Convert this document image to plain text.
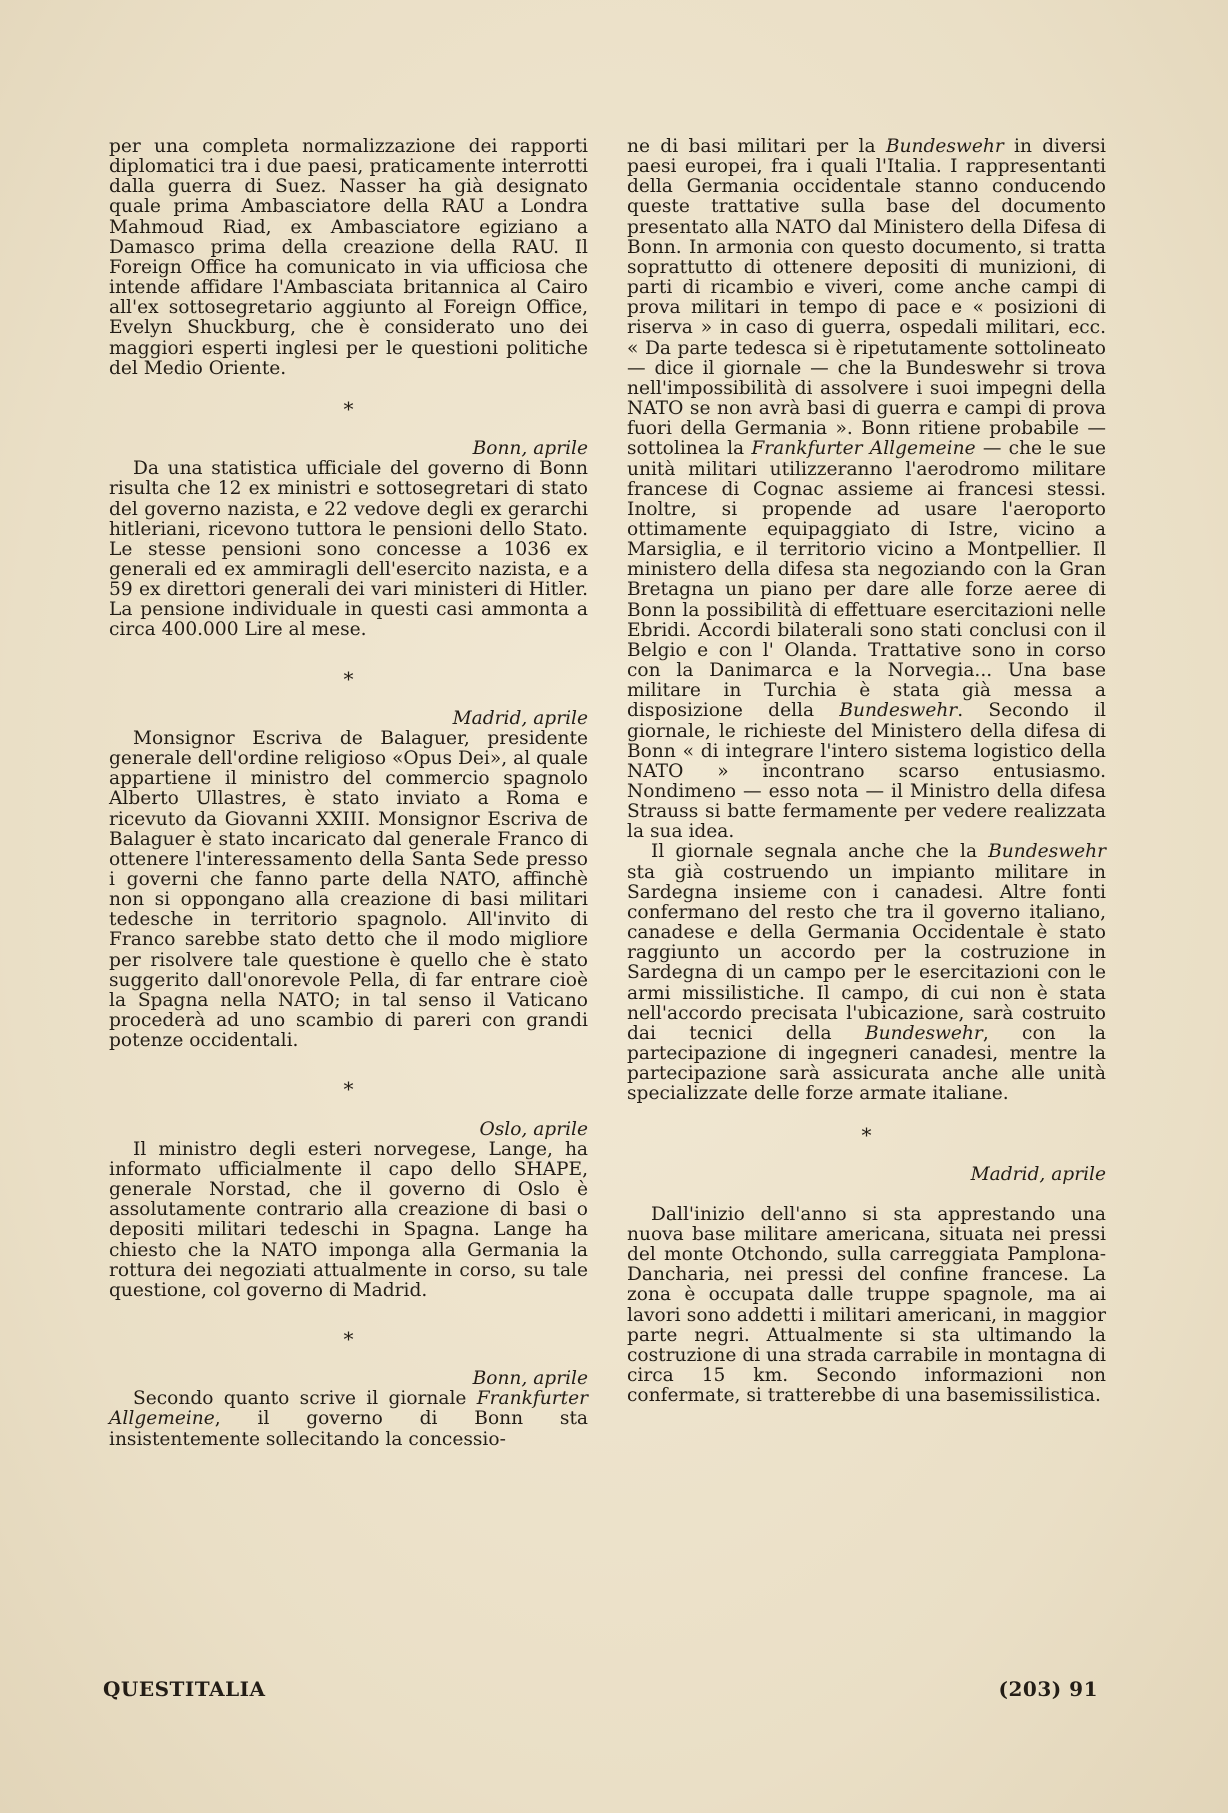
per una completa normalizzazione dei rapporti diplomatici tra i due paesi, praticamente interrotti dalla guerra di Suez. Nasser ha già designato quale prima Ambasciatore della RAU a Londra Mahmoud Riad, ex Ambasciatore egiziano a Damasco prima della creazione della RAU. Il Foreign Office ha comunicato in via ufficiosa che intende affidare l'Ambasciata britannica al Cairo all'ex sottosegretario aggiunto al Foreign Office, Evelyn Shuckburg, che è considerato uno dei maggiori esperti inglesi per le questioni politiche del Medio Oriente.

*

Bonn, aprile

Da una statistica ufficiale del governo di Bonn risulta che 12 ex ministri e sottosegretari di stato del governo nazista, e 22 vedove degli ex gerarchi hitleriani, ricevono tuttora le pensioni dello Stato. Le stesse pensioni sono concesse a 1036 ex generali ed ex ammiragli dell'esercito nazista, e a 59 ex direttori generali dei vari ministeri di Hitler. La pensione individuale in questi casi ammonta a circa 400.000 Lire al mese.

*

Madrid, aprile

Monsignor Escriva de Balaguer, presidente generale dell'ordine religioso «Opus Dei», al quale appartiene il ministro del commercio spagnolo Alberto Ullastres, è stato inviato a Roma e ricevuto da Giovanni XXIII. Monsignor Escriva de Balaguer è stato incaricato dal generale Franco di ottenere l'interessamento della Santa Sede presso i governi che fanno parte della NATO, affinchè non si oppongano alla creazione di basi militari tedesche in territorio spagnolo. All'invito di Franco sarebbe stato detto che il modo migliore per risolvere tale questione è quello che è stato suggerito dall'onorevole Pella, di far entrare cioè la Spagna nella NATO; in tal senso il Vaticano procederà ad uno scambio di pareri con grandi potenze occidentali.

*

Oslo, aprile

Il ministro degli esteri norvegese, Lange, ha informato ufficialmente il capo dello SHAPE, generale Norstad, che il governo di Oslo è assolutamente contrario alla creazione di basi o depositi militari tedeschi in Spagna. Lange ha chiesto che la NATO imponga alla Germania la rottura dei negoziati attualmente in corso, su tale questione, col governo di Madrid.

*

Bonn, aprile

Secondo quanto scrive il giornale Frankfurter Allgemeine, il governo di Bonn sta insistentemente sollecitando la concessio-

ne di basi militari per la Bundeswehr in diversi paesi europei, fra i quali l'Italia. I rappresentanti della Germania occidentale stanno conducendo queste trattative sulla base del documento presentato alla NATO dal Ministero della Difesa di Bonn. In armonia con questo documento, si tratta soprattutto di ottenere depositi di munizioni, di parti di ricambio e viveri, come anche campi di prova militari in tempo di pace e « posizioni di riserva » in caso di guerra, ospedali militari, ecc. « Da parte tedesca si è ripetutamente sottolineato — dice il giornale — che la Bundeswehr si trova nell'impossibilità di assolvere i suoi impegni della NATO se non avrà basi di guerra e campi di prova fuori della Germania ». Bonn ritiene probabile — sottolinea la Frankfurter Allgemeine — che le sue unità militari utilizzeranno l'aerodromo militare francese di Cognac assieme ai francesi stessi. Inoltre, si propende ad usare l'aeroporto ottimamente equipaggiato di Istre, vicino a Marsiglia, e il territorio vicino a Montpellier. Il ministero della difesa sta negoziando con la Gran Bretagna un piano per dare alle forze aeree di Bonn la possibilità di effettuare esercitazioni nelle Ebridi. Accordi bilaterali sono stati conclusi con il Belgio e con l' Olanda. Trattative sono in corso con la Danimarca e la Norvegia... Una base militare in Turchia è stata già messa a disposizione della Bundeswehr. Secondo il giornale, le richieste del Ministero della difesa di Bonn « di integrare l'intero sistema logistico della NATO » incontrano scarso entusiasmo. Nondimeno — esso nota — il Ministro della difesa Strauss si batte fermamente per vedere realizzata la sua idea.

Il giornale segnala anche che la Bundeswehr sta già costruendo un impianto militare in Sardegna insieme con i canadesi. Altre fonti confermano del resto che tra il governo italiano, canadese e della Germania Occidentale è stato raggiunto un accordo per la costruzione in Sardegna di un campo per le esercitazioni con le armi missilistiche. Il campo, di cui non è stata nell'accordo precisata l'ubicazione, sarà costruito dai tecnici della Bundeswehr, con la partecipazione di ingegneri canadesi, mentre la partecipazione sarà assicurata anche alle unità specializzate delle forze armate italiane.

*

Madrid, aprile

Dall'inizio dell'anno si sta apprestando una nuova base militare americana, situata nei pressi del monte Otchondo, sulla carreggiata Pamplona-Dancharia, nei pressi del confine francese. La zona è occupata dalle truppe spagnole, ma ai lavori sono addetti i militari americani, in maggior parte negri. Attualmente si sta ultimando la costruzione di una strada carrabile in montagna di circa 15 km. Secondo informazioni non confermate, si tratterebbe di una basemissilistica.

QUESTITALIA	(203) 91
